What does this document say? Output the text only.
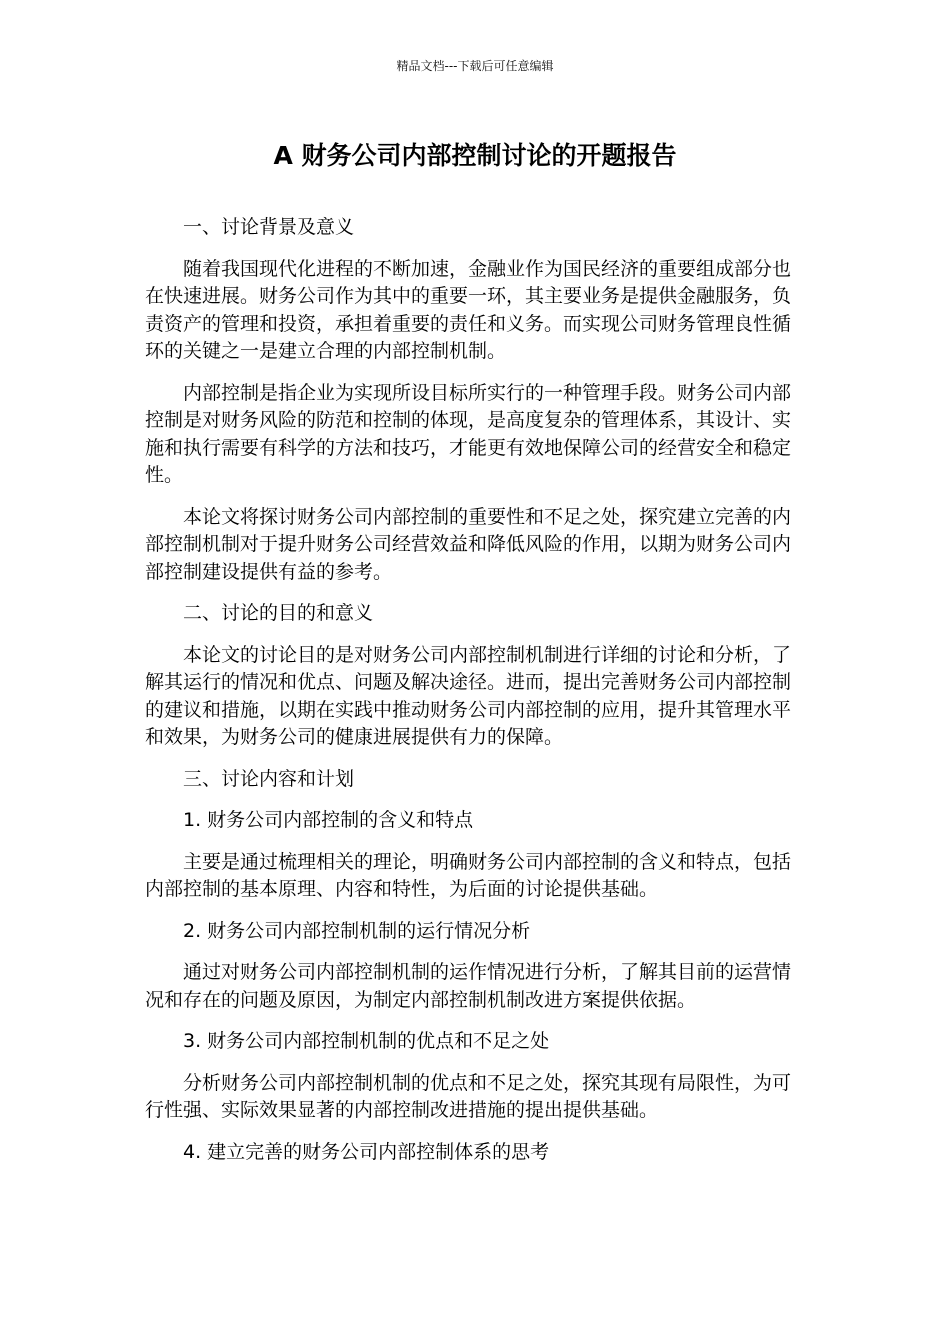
精品文档---下载后可任意编辑
A 财务公司内部控制讨论的开题报告

一、讨论背景及意义

随着我国现代化进程的不断加速，金融业作为国民经济的重要组成部分也在快速进展。财务公司作为其中的重要一环，其主要业务是提供金融服务，负责资产的管理和投资，承担着重要的责任和义务。而实现公司财务管理良性循环的关键之一是建立合理的内部控制机制。

内部控制是指企业为实现所设目标所实行的一种管理手段。财务公司内部控制是对财务风险的防范和控制的体现，是高度复杂的管理体系，其设计、实施和执行需要有科学的方法和技巧，才能更有效地保障公司的经营安全和稳定性。

本论文将探讨财务公司内部控制的重要性和不足之处，探究建立完善的内部控制机制对于提升财务公司经营效益和降低风险的作用，以期为财务公司内部控制建设提供有益的参考。

二、讨论的目的和意义

本论文的讨论目的是对财务公司内部控制机制进行详细的讨论和分析，了解其运行的情况和优点、问题及解决途径。进而，提出完善财务公司内部控制的建议和措施，以期在实践中推动财务公司内部控制的应用，提升其管理水平和效果，为财务公司的健康进展提供有力的保障。

三、讨论内容和计划

1. 财务公司内部控制的含义和特点

主要是通过梳理相关的理论，明确财务公司内部控制的含义和特点，包括内部控制的基本原理、内容和特性，为后面的讨论提供基础。

2. 财务公司内部控制机制的运行情况分析

通过对财务公司内部控制机制的运作情况进行分析，了解其目前的运营情况和存在的问题及原因，为制定内部控制机制改进方案提供依据。

3. 财务公司内部控制机制的优点和不足之处

分析财务公司内部控制机制的优点和不足之处，探究其现有局限性，为可行性强、实际效果显著的内部控制改进措施的提出提供基础。

4. 建立完善的财务公司内部控制体系的思考
